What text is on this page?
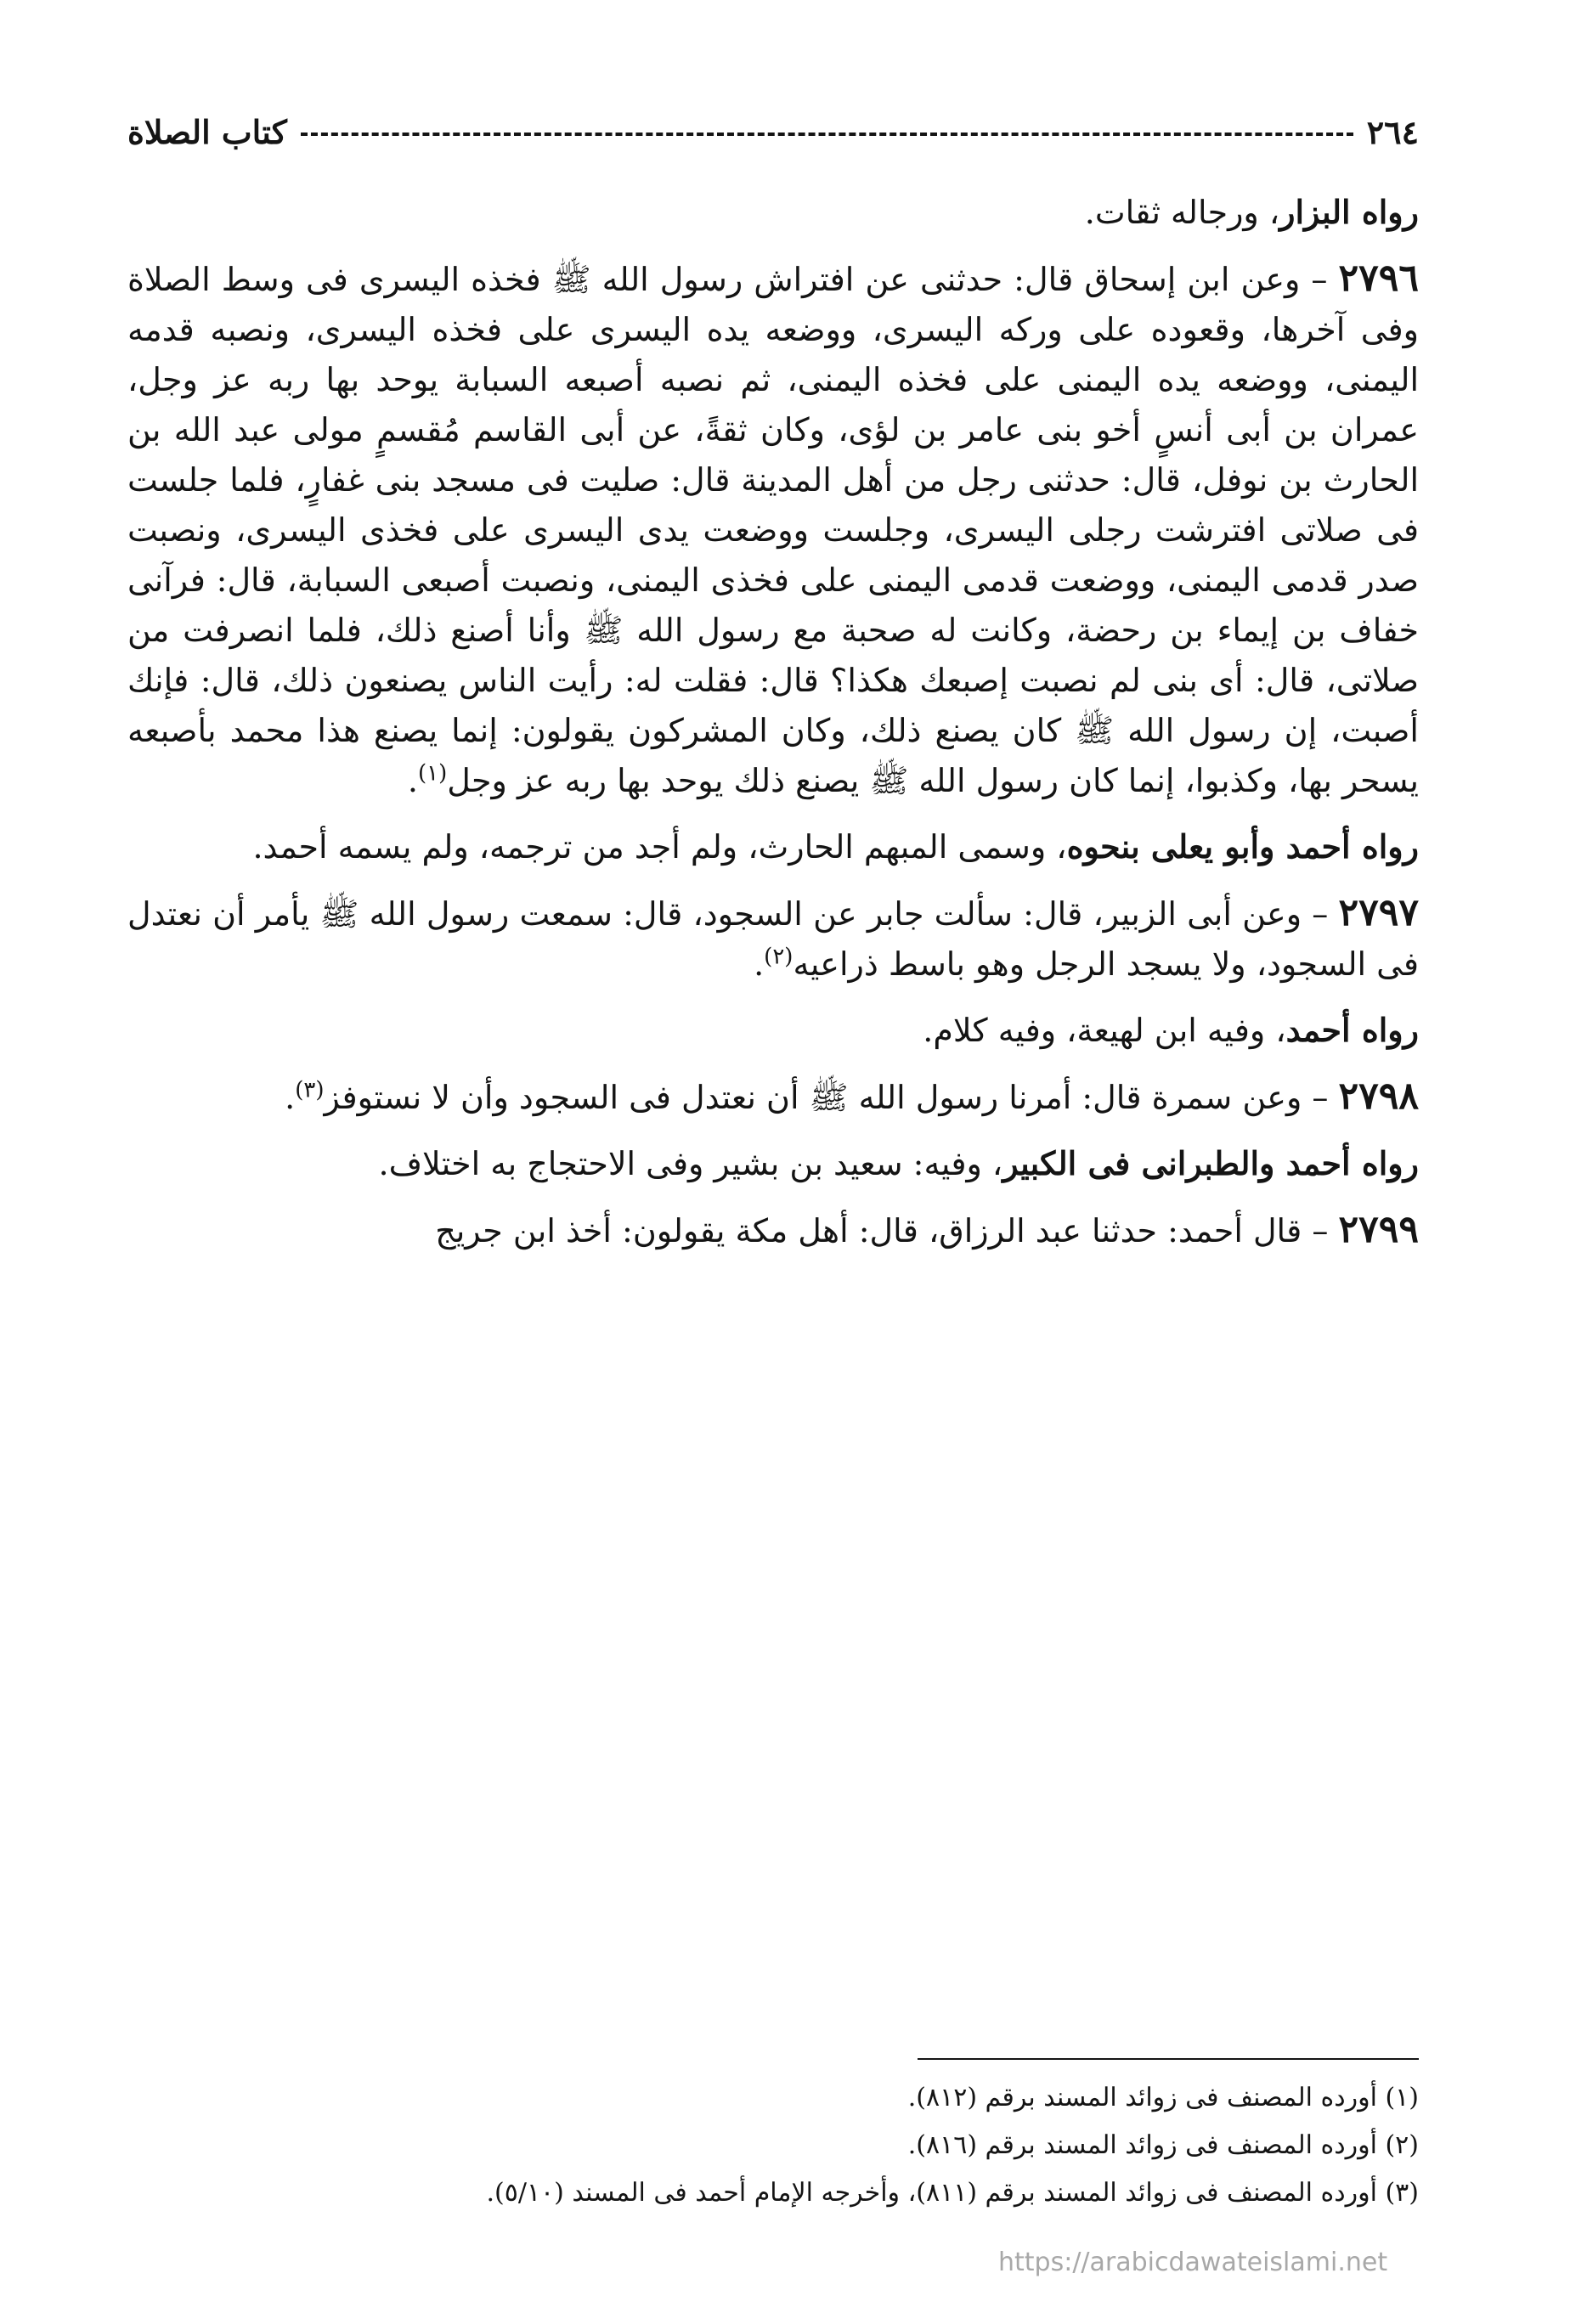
٢٦٤
كتاب الصلاة

رواه البزار، ورجاله ثقات.

٢٧٩٦ – وعن ابن إسحاق قال: حدثنى عن افتراش رسول الله ﷺ فخذه اليسرى فى وسط الصلاة وفى آخرها، وقعوده على وركه اليسرى، ووضعه يده اليسرى على فخذه اليسرى، ونصبه قدمه اليمنى، ووضعه يده اليمنى على فخذه اليمنى، ثم نصبه أصبعه السبابة يوحد بها ربه عز وجل، عمران بن أبى أنسٍ أخو بنى عامر بن لؤى، وكان ثقةً، عن أبى القاسم مُقسمٍ مولى عبد الله بن الحارث بن نوفل، قال: حدثنى رجل من أهل المدينة قال: صليت فى مسجد بنى غفارٍ، فلما جلست فى صلاتى افترشت رجلى اليسرى، وجلست ووضعت يدى اليسرى على فخذى اليسرى، ونصبت صدر قدمى اليمنى، ووضعت قدمى اليمنى على فخذى اليمنى، ونصبت أصبعى السبابة، قال: فرآنى خفاف بن إيماء بن رحضة، وكانت له صحبة مع رسول الله ﷺ وأنا أصنع ذلك، فلما انصرفت من صلاتى، قال: أى بنى لم نصبت إصبعك هكذا؟ قال: فقلت له: رأيت الناس يصنعون ذلك، قال: فإنك أصبت، إن رسول الله ﷺ كان يصنع ذلك، وكان المشركون يقولون: إنما يصنع هذا محمد بأصبعه يسحر بها، وكذبوا، إنما كان رسول الله ﷺ يصنع ذلك يوحد بها ربه عز وجل$^{(١)}$.

رواه أحمد وأبو يعلى بنحوه، وسمى المبهم الحارث، ولم أجد من ترجمه، ولم يسمه أحمد.

٢٧٩٧ – وعن أبى الزبير، قال: سألت جابر عن السجود، قال: سمعت رسول الله ﷺ يأمر أن نعتدل فى السجود، ولا يسجد الرجل وهو باسط ذراعيه$^{(٢)}$.

رواه أحمد، وفيه ابن لهيعة، وفيه كلام.

٢٧٩٨ – وعن سمرة قال: أمرنا رسول الله ﷺ أن نعتدل فى السجود وأن لا نستوفز$^{(٣)}$.

رواه أحمد والطبرانى فى الكبير، وفيه: سعيد بن بشير وفى الاحتجاج به اختلاف.

٢٧٩٩ – قال أحمد: حدثنا عبد الرزاق، قال: أهل مكة يقولون: أخذ ابن جريج

(١) أورده المصنف فى زوائد المسند برقم (٨١٢).

(٢) أورده المصنف فى زوائد المسند برقم (٨١٦).

(٣) أورده المصنف فى زوائد المسند برقم (٨١١)، وأخرجه الإمام أحمد فى المسند (٥/١٠).

https://arabicdawateislami.net
